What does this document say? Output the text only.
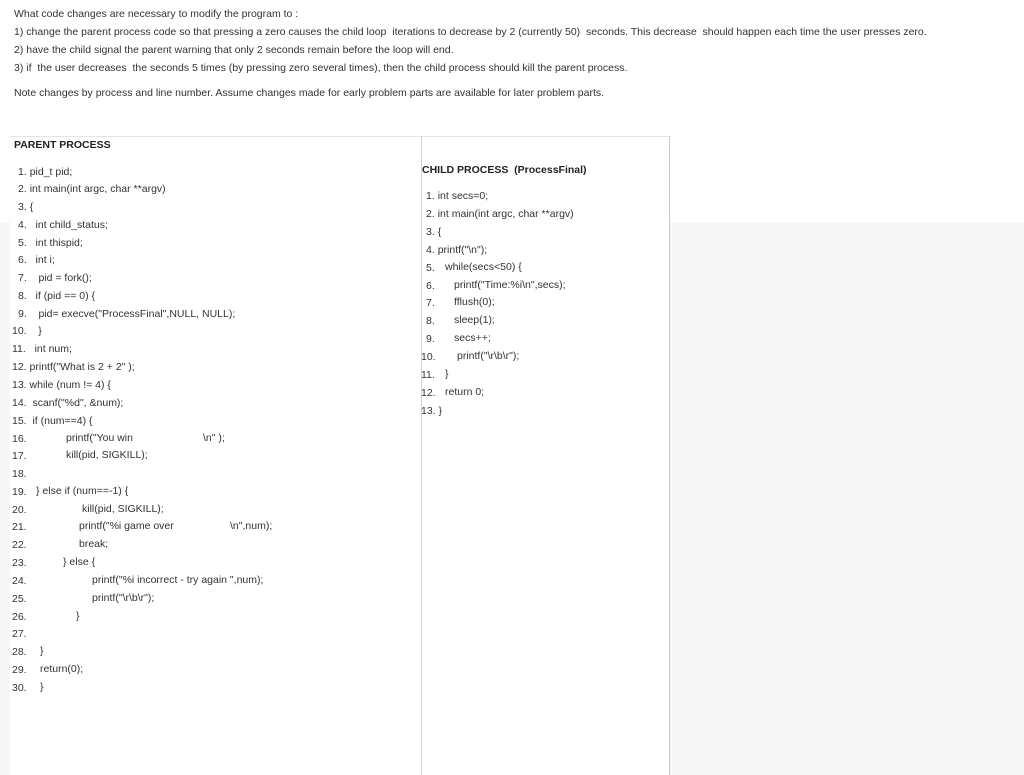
What code changes are necessary to modify the program to :
1) change the parent process code so that pressing a zero causes the child loop  iterations to decrease by 2 (currently 50)  seconds. This decrease  should happen each time the user presses zero.
2) have the child signal the parent warning that only 2 seconds remain before the loop will end.
3) if  the user decreases  the seconds 5 times (by pressing zero several times), then the child process should kill the parent process.
Note changes by process and line number. Assume changes made for early problem parts are available for later problem parts.
PARENT PROCESS
CHILD PROCESS  (ProcessFinal)
1. pid_t pid;
2. int main(int argc, char **argv)
3. {
4.   int child_status;
5.   int thispid;
6.   int i;
7.    pid = fork();
8.   if (pid == 0) {
9.    pid= execve("ProcessFinal",NULL, NULL);
10.    }
11.   int num;
12. printf("What is 2 + 2" );
13. while (num != 4) {
14.  scanf("%d", &num);
15.  if (num==4) {
16.	printf("You win	\n" );
17.	kill(pid, SIGKILL);
18.
19. } else if (num==-1) {
20.	kill(pid, SIGKILL);
21.	printf("%i game over	\n",num);
22.	break;
23.	} else {
24.	printf("%i incorrect - try again ",num);
25.	printf("\r\b\r");
26.	}
27.
28. }
29. return(0);
30. }
1. int secs=0;
2. int main(int argc, char **argv)
3. {
4. printf("\n");
5. while(secs<50) {
6. printf("Time:%i\n",secs);
7. fflush(0);
8. sleep(1);
9. secs++;
10. printf("\r\b\r");
11. }
12. return 0;
13. }
